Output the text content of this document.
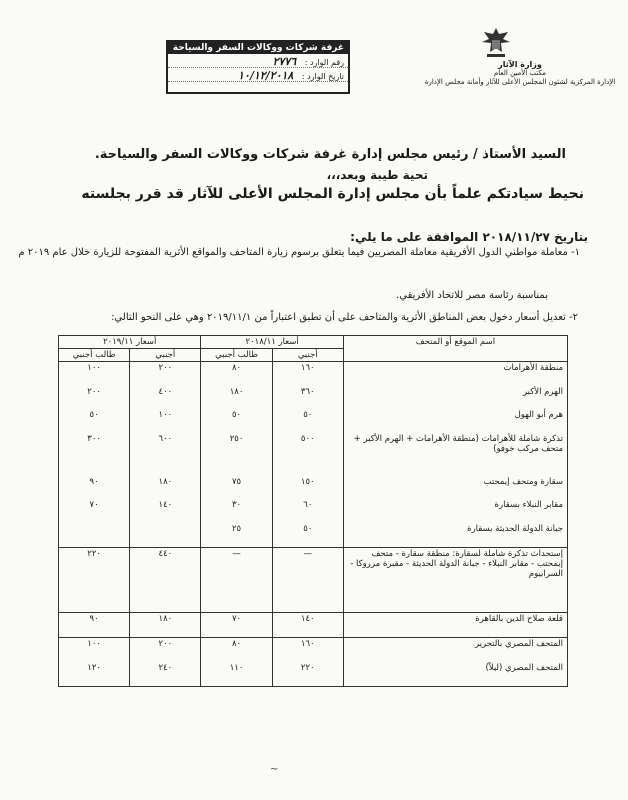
وزارة الآثار
مكتب الأمين العام
الإدارة المركزية لشئون المجلس الأعلى للآثار وأمانة مجلس الإدارة
غرفة شركات ووكالات السفر والسياحة
رقم الوارد : ٢٧٧٦
تاريخ الوارد : ١٠/١٢/٢٠١٨
السيد الأستاذ / رئيس مجلس إدارة غرفة شركات ووكالات السفر والسياحة.
تحية طيبة وبعد،،،
نحيط سيادتكم علماً بأن مجلس إدارة المجلس الأعلى للآثار قد قرر بجلسته
بتاريخ ٢٠١٨/١١/٢٧ الموافقة على ما يلي:
١- معاملة مواطني الدول الأفريقية معاملة المصريين فيما يتعلق برسوم زيارة المتاحف والمواقع الأثرية المفتوحة للزيارة خلال عام ٢٠١٩ م
بمناسبة رئاسة مصر للاتحاد الأفريقي.
٢- تعديل أسعار دخول بعض المناطق الأثرية والمتاحف على أن تطبق اعتباراً من ٢٠١٩/١١/١ وهي على النحو التالي:
اسم الموقع أو المتحف	أسعار ٢٠١٨/١١		أسعار ٢٠١٩/١١	
	أجنبي	طالب أجنبي	أجنبي	طالب أجنبي
منطقة الأهرامات	١٦٠	٨٠	٢٠٠	١٠٠
الهرم الأكبر	٣٦٠	١٨٠	٤٠٠	٢٠٠
هرم أبو الهول	٥٠	٥٠	١٠٠	٥٠
تذكرة شاملة للأهرامات (منطقة الأهرامات + الهرم الأكبر + متحف مركب خوفو)	٥٠٠	٢٥٠	٦٠٠	٣٠٠
سقارة ومتحف إيمحتب	١٥٠	٧٥	١٨٠	٩٠
مقابر النبلاء بسقارة	٦٠	٣٠	١٤٠	٧٠
جبانة الدولة الحديثة بسقارة	٥٠	٢٥		
إستحداث تذكرة شاملة لسقارة: منطقة سقارة - متحف إيمحتب - مقابر النبلاء - جبانة الدولة الحديثة - مقبرة مرروكا - السرابيوم	—	—	٤٤٠	٢٢٠
قلعة صلاح الدين بالقاهرة	١٤٠	٧٠	١٨٠	٩٠
المتحف المصري بالتحرير	١٦٠	٨٠	٢٠٠	١٠٠
المتحف المصري (ليلاً)	٢٢٠	١١٠	٢٤٠	١٢٠
~
